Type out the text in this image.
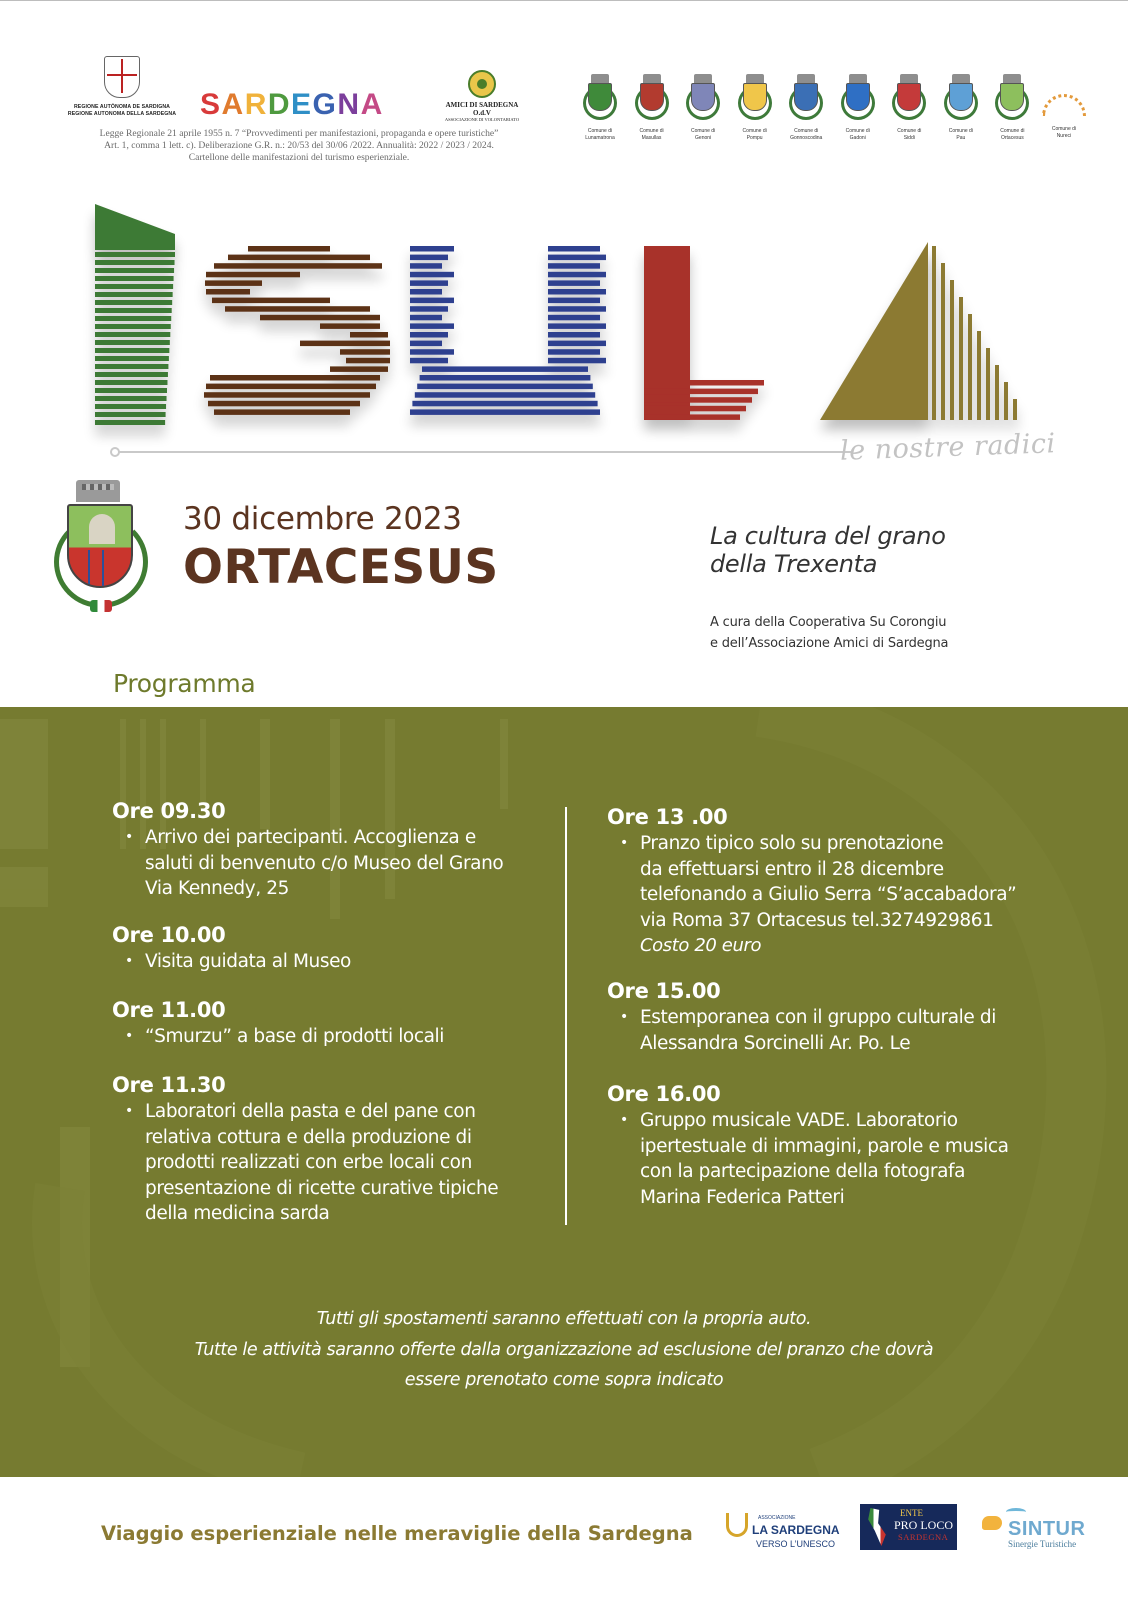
REGIONE AUTÒNOMA DE SARDIGNA
REGIONE AUTONOMA DELLA SARDEGNA SARDEGNA	AMICI DI SARDEGNA O.d.V
ASSOCIAZIONE DI VOLONTARIATO
Legge Regionale 21 aprile 1955 n. 7 “Provvedimenti per manifestazioni, propaganda e opere turistiche”
Art. 1, comma 1 lett. c). Deliberazione G.R. n.: 20/53 del 30/06 /2022. Annualità: 2022 / 2023 / 2024.
Cartellone delle manifestazioni del turismo esperienziale.
Comune di
Lunamatrona
Comune di
Masullas
Comune di
Genoni
Comune di
Pompu
Comune di
Gonnoscodina
Comune di
Gadoni
Comune di
Siddi
Comune di
Pau
Comune di
Ortacesus
Comune di
Nureci
le nostre radici
30 dicembre 2023
ORTACESUS
La cultura del grano
della Trexenta
A cura della Cooperativa Su Corongiu
e dell’Associazione Amici di Sardegna
Programma
Ore 09.30
• Arrivo dei partecipanti. Accoglienza e
saluti di benvenuto c/o Museo del Grano
Via Kennedy, 25
Ore 10.00
• Visita guidata al Museo
Ore 11.00
• “Smurzu” a base di prodotti locali
Ore 11.30
• Laboratori della pasta e del pane con
relativa cottura e della produzione di
prodotti realizzati con erbe locali con
presentazione di ricette curative tipiche
della medicina sarda
Ore 13 .00
• Pranzo tipico solo su prenotazione
da effettuarsi entro il 28 dicembre
telefonando a Giulio Serra “S’accabadora”
via Roma 37 Ortacesus tel.3274929861
Costo 20 euro
Ore 15.00
• Estemporanea con il gruppo culturale di
Alessandra Sorcinelli Ar. Po. Le
Ore 16.00
• Gruppo musicale VADE. Laboratorio
ipertestuale di immagini, parole e musica
con la partecipazione della fotografa
Marina Federica Patteri
Tutti gli spostamenti saranno effettuati con la propria auto.
Tutte le attività saranno offerte dalla organizzazione ad esclusione del pranzo che dovrà
essere prenotato come sopra indicato
Viaggio esperienziale nelle meraviglie della Sardegna
ASSOCIAZIONE
LA SARDEGNA
VERSO L’UNESCO
ENTE
PRO LOCO
SARDEGNA	SINTUR
Sinergie Turistiche
